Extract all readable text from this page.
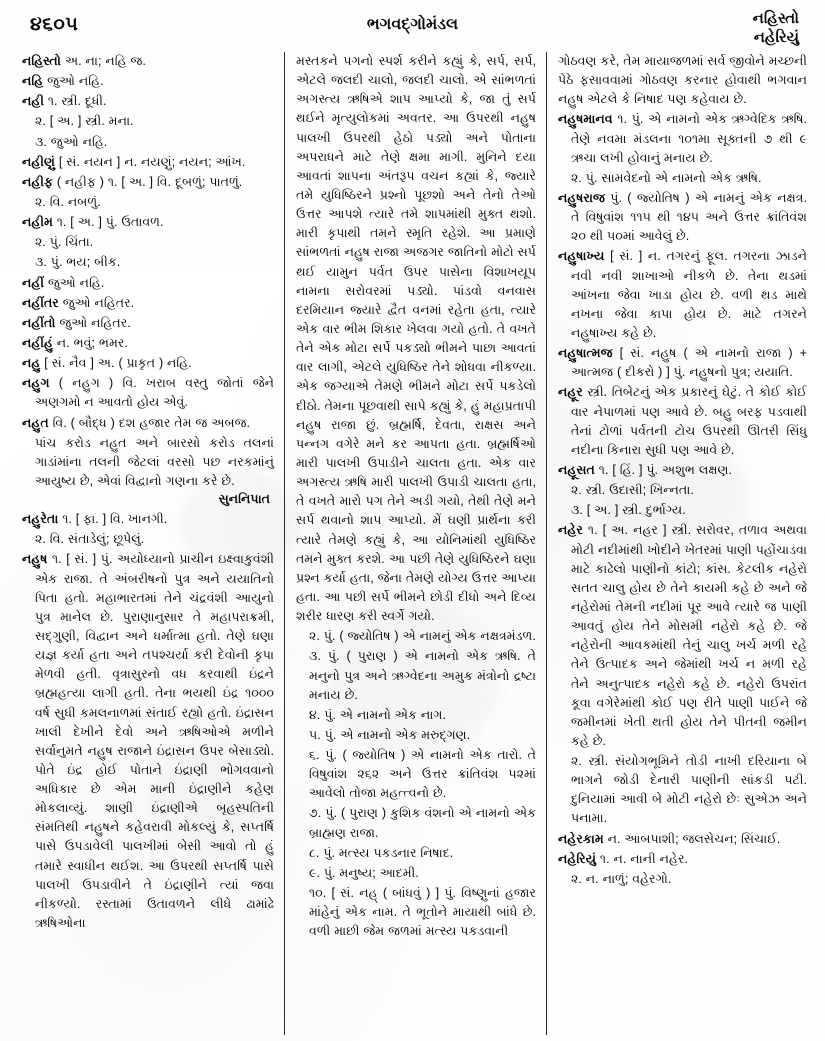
૪૬૦૫	ભગવદ્ગોમંડલ	નહિસ્તો
નહેરિયું
નહિસ્તો અ. ના; નહિ જ.
નહિ જુઓ નહિ.
નહી ૧. સ્ત્રી. દૂધી.
૨. [ અ. ] સ્ત્રી. મના.
૩. જુઓ નહિ.
નહીણું [ સં. નયન ] ન. નયણું; નયન; આંખ.
નહીફ ( નહીફ ) ૧. [ અ. ] વિ. દૂબળું; પાતળું.
૨. વિ. નબળું.
નહીમ ૧. [ અ. ] પું. ઉતાવળ.
૨. પું. ચિંતા.
૩. પું. ભય; બીક.
નહીં જુઓ નહિ.
નહીંતર જુઓ નહિતર.
નહીંતો જુઓ નહિતર.
નહીંહું ન. ભવું; ભમર.
નહુ [ સં. નૈવ ] અ. ( પ્રાકૃત ) નહિ.
નહુગ ( નહુગ ) વિ. ખરાબ વસ્તુ જોતાં જેને અણગમો ન આવતો હોય એવું.
નહુત વિ. ( બૌદ્ધ ) દશ હજાર તેમ જ અબજ.
પાંચ કરોડ નહુત અને બારસો કરોડ તલનાં ગાડાંમાંના તલની જેટલાં વરસો પછ નરકમાંનું આયુષ્ય છે, એવાં વિદ્વાનો ગણના કરે છે.
સુનનિપાત
નહુરેતા ૧. [ ફા. ] વિ. ખાનગી.
૨. વિ. સંતાડેલું; છૂપેલું.
નહુષ ૧. [ સં. ] પું. અયોધ્યાનો પ્રાચીન ઇક્ષ્વાકુવંશી એક રાજા. તે અંબરીષનો પુત્ર અને યયાતિનો પિતા હતો. મહાભારતમાં તેને ચંદ્રવંશી આયુનો પુત્ર માનેલ છે. પુરાણાનુસાર તે મહાપરાક્રમી, સદ્‌ગુણી, વિદ્વાન અને ધર્માત્મા હતો. તેણે ઘણા યજ્ઞ કર્યા હતા અને તપશ્ચર્યા કરી દેવોની કૃપા મેળવી હતી. વૃત્રાસુરનો વધ કરવાથી ઇંદ્રને બ્રહ્મહત્યા લાગી હતી. તેના ભયથી ઇંદ્ર ૧૦૦૦ વર્ષ સુધી કમલનાળમાં સંતાઈ રહ્યો હતો. ઇંદ્રાસન ખાલી દેખીને દેવો અને ઋષિઓએ મળીને સર્વાનુમતે નહુષ રાજાને ઇંદ્રાસન ઉપર બેસાડ્યો. પોતે ઇંદ્ર હોઈ પોતાને ઇંદ્રાણી ભોગવવાનો અધિકાર છે એમ માની ઇંદ્રાણીને કહેણ મોકલાવ્યું. શાણી ઇંદ્રાણીએ બૃહસ્પતિની સંમતિથી નહુષને કહેવરાવી મોકલ્યું કે, સપ્તર્ષિ પાસે ઉપડાવેલી પાલખીમાં બેસી આવો તો હું તમારે સ્વાધીન થઈશ. આ ઉપરથી સપ્તર્ષિ પાસે પાલખી ઉપડાવીને તે ઇંદ્રાણીને ત્યાં જવા નીકળ્યો. રસ્તામાં ઉતાવળને લીધે ઢામાંઢે ઋષિઓના
મસ્તકને પગનો સ્પર્શ કરીને કહ્યું કે, સર્પ, સર્પ, એટલે જલદી ચાલો, જલદી ચાલો. એ સાંભળતાં અગસ્ત્ય ઋષિએ શાપ આપ્યો કે, જા તું સર્પ થઈને મૃત્યુલોકમાં અવતર. આ ઉપરથી નહુષ પાલખી ઉપરથી હેઠો પડ્યો અને પોતાના અપરાધને માટે તેણે ક્ષમા માગી. મુનિને દયા આવતાં શાપના અંતરૂપ વચન કહ્યાં કે, જ્યારે તમે યુધિષ્ઠિરને પ્રશ્નો પૂછશો અને તેનો તેઓ ઉત્તર આપશે ત્યારે તમે શાપમાંથી મુક્ત થશો. મારી કૃપાથી તમને સ્મૃતિ રહેશે. આ પ્રમાણે સાંભળતાં નહુષ રાજા અજગર જાતિનો મોટો સર્પ થઈ યામુન પર્વત ઉપર પાસેના વિશાખયૂપ નામના સરોવરમાં પડ્યો. પાંડવો વનવાસ દરમિયાન જ્યારે દ્વૈત વનમાં રહેતા હતા, ત્યારે એક વાર ભીમ શિકાર ખેલવા ગયો હતો. તે વખતે તેને એક મોટા સર્પે પકડ્યો ભીમને પાછા આવતાં વાર લાગી, એટલે યુધિષ્ઠિર તેને શોધવા નીકળ્યા. એક જગ્યાએ તેમણે ભીમને મોટા સર્પે પકડેલો દીઠો. તેમના પૂછવાથી સાપે કહ્યું કે, હું મહાપ્રતાપી નહુષ રાજા છું. બ્રહ્મર્ષિ, દેવતા, રાક્ષસ અને પન્નગ વગેરે મને કર આપતા હતા. બ્રહ્મર્ષિઓ મારી પાલખી ઉપાડીને ચાલતા હતા. એક વાર અગસ્ત્ય ઋષિ મારી પાલખી ઉપાડી ચાલતા હતા, તે વખતે મારો પગ તેને અડી ગયો, તેથી તેણે મને સર્પ થવાનો શાપ આપ્યો. મેં ઘણી પ્રાર્થના કરી ત્યારે તેમણે કહ્યું કે, આ યોનિમાંથી યુધિષ્ઠિર તમને મુક્ત કરશે. આ પછી તેણે યુધિષ્ઠિરને ઘણા પ્રશ્ન કર્યા હતા, જેના તેમણે યોગ્ય ઉત્તર આપ્યા હતા. આ પછી સર્પે ભીમને છોડી દીધો અને દિવ્ય શરીર ધારણ કરી સ્વર્ગે ગયો.
૨. પું. ( જ્યોતિષ ) એ નામનું એક નક્ષત્રમંડળ.
૩. પું. ( પુરાણ ) એ નામનો એક ઋષિ. તે મનુનો પુત્ર અને ઋગ્વેદના અમુક મંત્રોનો દ્રષ્ટા મનાય છે.
૪. પું. એ નામનો એક નાગ.
૫. પું. એ નામનો એક મરુદ્‌ગણ.
૬. પું. ( જ્યોતિષ ) એ નામનો એક તારો. તે વિષુવાંશ ૨૬૨ અને ઉત્તર ક્રાંતિવંશ ૫૨માં આવેલો તોજા મહત્ત્વનો છે.
૭. પું. ( પુરાણ ) કુશિક વંશનો એ નામનો એક બ્રાહ્મણ રાજા.
૮. પું. મત્સ્ય પકડનાર નિષાદ.
૯. પું. મનુષ્ય; આદમી.
૧૦. [ સં. નહ્ ( બાંધવું ) ] પું. વિષ્ણુનાં હજાર માંહેનું એક નામ. તે ભૂતોને માયાથી બાંધે છે. વળી માછી જેમ જળમાં મત્સ્ય પકડવાની
ગોઠવણ કરે, તેમ માયાજળમાં સર્વ જીવોને મચ્છની પેઠે ફસાવવામાં ગોઠવણ કરનાર હોવાથી ભગવાન નહુષ એટલે કે નિષાદ પણ કહેવાય છે.
નહુષમાનવ ૧. પું. એ નામનો એક ઋગ્વેદિક ઋષિ. તેણે નવમા મંડલના ૧૦૧મા સૂક્તની ૭ થી ૯ ઋચા લખી હોવાનું મનાય છે.
૨. પું. સામવેદનો એ નામનો એક ઋષિ.
નહુષરાજ પું. ( જ્યોતિષ ) એ નામનું એક નક્ષત્ર. તે વિષુવાંશ ૧૧૫ થી ૧૪૫ અને ઉત્તર ક્રાંતિવંશ ૨૦ થી ૫૦માં આવેલું છે.
નહુષાખ્ય [ સં. ] ન. તગરનું ફૂલ. તગરના ઝાડને નવી નવી શાખાઓ નીકળે છે. તેના થડમાં આંખના જેવા ખાડા હોય છે. વળી થડ માથે નખના જેવા કાપા હોય છે. માટે તગરને નહુષાખ્ય કહે છે.
નહુષાત્મજ [ સં. નહુષ ( એ નામનો રાજા ) + આત્મજ ( દીકરો ) ] પું. નહુષનો પુત્ર; યયાતિ.
નહૂર સ્ત્રી. તિબેટનું એક પ્રકારનું ઘેટું. તે કોઈ કોઈ વાર નેપાળમાં પણ આવે છે. બહુ બરફ પડવાથી તેનાં ટોળાં પર્વતની ટોચ ઉપરથી ઊતરી સિંધુ નદીના કિનારા સુધી પણ આવે છે.
નહૂસત ૧. [ હિં. ] પું. અશુભ લક્ષણ.
૨. સ્ત્રી. ઉદાસી; ખિન્નતા.
૩. [ અ. ] સ્ત્રી. દુર્ભાગ્ય.
નહેર ૧. [ અ. નહર ] સ્ત્રી. સરોવર, તળાવ અથવા મોટી નદીમાંથી ખોદીને ખેતરમાં પાણી પહોંચાડવા માટે કાઢેલો પાણીનો કાંટો; કાંસ. કેટલીક નહેરો સતત ચાલુ હોય છે તેને કાયમી કહે છે અને જે નહેરોમાં તેમની નદીમાં પૂર આવે ત્યારે જ પાણી આવતું હોય તેને મોસમી નહેરો કહે છે. જે નહેરોની આવકમાંથી તેનું ચાલુ ખર્ચ મળી રહે તેને ઉત્પાદક અને જેમાંથી ખર્ચ ન મળી રહે તેને અનુત્પાદક નહેરો કહે છે. નહેરો ઉપરાંત કૂવા વગેરેમાંથી કોઈ પણ રીતે પાણી પાઈને જે જમીનમાં ખેતી થતી હોય તેને પીતની જમીન કહે છે.
૨. સ્ત્રી. સંયોગભૂમિને તોડી નાખી દરિયાના બે ભાગને જોડી દેનારી પાણીની સાંકડી પટી. દુનિયામાં આવી બે મોટી નહેરો છેઃ સુએઝ અને પનામા.
નહેરકામ ન. આબપાશી; જલસેચન; સિંચાઈ.
નહેરિયું ૧. ન. નાની નહેર.
૨. ન. નાળું; વહેરગો.
